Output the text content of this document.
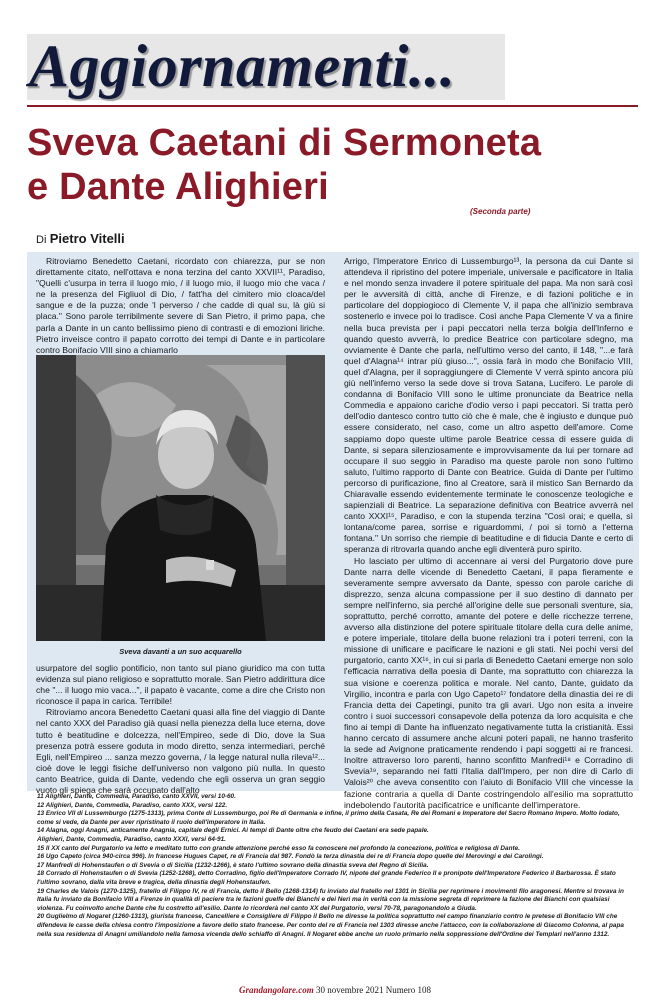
Aggiornamenti...
Sveva Caetani di Sermoneta
e Dante Alighieri
(Seconda parte)
Di Pietro Vitelli

Ritroviamo Benedetto Caetani, ricordato con chiarezza, pur se non direttamente citato, nell'ottava e nona terzina del canto XXVII¹¹, Paradiso, "Quelli c'usurpa in terra il luogo mio, / il luogo mio, il luogo mio che vaca / ne la presenza del Figliuol di Dio, / fatt'ha del cimitero mio cloaca/del sangue e de la puzza; onde 'l perverso / che cadde di qual su, là giù si placa." Sono parole terribilmente severe di San Pietro, il primo papa, che parla a Dante in un canto bellissimo pieno di contrasti e di emozioni liriche. Pietro inveisce contro il papato corrotto dei tempi di Dante e in particolare contro Bonifacio VIII sino a chiamarlo

Sveva davanti a un suo acquarello

usurpatore del soglio pontificio, non tanto sul piano giuridico ma con tutta evidenza sul piano religioso e soprattutto morale. San Pietro addirittura dice che "... il luogo mio vaca...", il papato è vacante, come a dire che Cristo non riconosce il papa in carica. Terribile!

Ritroviamo ancora Benedetto Caetani quasi alla fine del viaggio di Dante nel canto XXX del Paradiso già quasi nella pienezza della luce eterna, dove tutto è beatitudine e dolcezza, nell'Empireo, sede di Dio, dove la Sua presenza potrà essere goduta in modo diretto, senza intermediari, perché Egli, nell'Empireo ... sanza mezzo governa, / la legge natural nulla rileva¹²... cioè dove le leggi fisiche dell'universo non valgono più nulla. In questo canto Beatrice, guida di Dante, vedendo che egli osserva un gran seggio vuoto gli spiega che sarà occupato dall'alto

Arrigo, l'Imperatore Enrico di Lussemburgo¹³, la persona da cui Dante si attendeva il ripristino del potere imperiale, universale e pacificatore in Italia e nel mondo senza invadere il potere spirituale del papa. Ma non sarà così per le avversità di città, anche di Firenze, e di fazioni politiche e in particolare del doppiogioco di Clemente V, il papa che all'inizio sembrava sostenerlo e invece poi lo tradisce. Così anche Papa Clemente V va a finire nella buca prevista per i papi peccatori nella terza bolgia dell'Inferno e quando questo avverrà, lo predice Beatrice con particolare sdegno, ma ovviamente è Dante che parla, nell'ultimo verso del canto, il 148, "...e farà quel d'Alagna¹⁴ intrar più giuso...", ossia farà in modo che Bonifacio VIII, quel d'Alagna, per il sopraggiungere di Clemente V verrà spinto ancora più giù nell'inferno verso la sede dove si trova Satana, Lucifero. Le parole di condanna di Bonifacio VIII sono le ultime pronunciate da Beatrice nella Commedia e appaiono cariche d'odio verso i papi peccatori. Si tratta però dell'odio dantesco contro tutto ciò che è male, che è ingiusto e dunque può essere considerato, nel caso, come un altro aspetto dell'amore. Come sappiamo dopo queste ultime parole Beatrice cessa di essere guida di Dante, si separa silenziosamente e improvvisamente da lui per tornare ad occupare il suo seggio in Paradiso ma queste parole non sono l'ultimo saluto, l'ultimo rapporto di Dante con Beatrice. Guida di Dante per l'ultimo percorso di purificazione, fino al Creatore, sarà il mistico San Bernardo da Chiaravalle essendo evidentemente terminate le conoscenze teologiche e sapienziali di Beatrice. La separazione definitiva con Beatrice avverrà nel canto XXXI¹⁵, Paradiso, e con la stupenda terzina "Così orai; e quella, sì lontana/come parea, sorrise e riguardommi, / poi si tornò a l'etterna fontana." Un sorriso che riempie di beatitudine e di fiducia Dante e certo di speranza di ritrovarla quando anche egli diventerà puro spirito.

Ho lasciato per ultimo di accennare ai versi del Purgatorio dove pure Dante narra delle vicende di Benedetto Caetani, il papa fieramente e severamente sempre avversato da Dante, spesso con parole cariche di disprezzo, senza alcuna compassione per il suo destino di dannato per sempre nell'inferno, sia perché all'origine delle sue personali sventure, sia, soprattutto, perché corrotto, amante del potere e delle ricchezze terrene, avverso alla distinzione del potere spirituale titolare della cura delle anime, e potere imperiale, titolare della buone relazioni tra i poteri terreni, con la missione di unificare e pacificare le nazioni e gli stati. Nei pochi versi del purgatorio, canto XX¹⁶, in cui si parla di Benedetto Caetani emerge non solo l'efficacia narrativa della poesia di Dante, ma soprattutto con chiarezza la sua visione e coerenza politica e morale. Nel canto, Dante, guidato da Virgilio, incontra e parla con Ugo Capeto¹⁷ fondatore della dinastia dei re di Francia detta dei Capetingi, punito tra gli avari. Ugo non esita a inveire contro i suoi successori consapevole della potenza da loro acquisita e che fino ai tempi di Dante ha influenzato negativamente tutta la cristianità. Essi hanno cercato di assumere anche alcuni poteri papali, ne hanno trasferito la sede ad Avignone praticamente rendendo i papi soggetti ai re francesi. Inoltre attraverso loro parenti, hanno sconfitto Manfredi¹⁸ e Corradino di Svevia¹⁹, separando nei fatti l'Italia dall'Impero, per non dire di Carlo di Valois²⁰ che aveva consentito con l'aiuto di Bonifacio VIII che vincesse la fazione contraria a quella di Dante costringendolo all'esilio ma soprattutto indebolendo l'autorità pacificatrice e unificante dell'imperatore.

11 Alighieri, Dante, Commedia, Paradiso, canto XXVII, versi 10-60.
12 Alighieri, Dante, Commedia, Paradiso, canto XXX, versi 122.
13 Enrico VII di Lussemburgo (1275-1313), prima Conte di Lussemburgo, poi Re di Germania e infine, il primo della Casata, Re dei Romani e Imperatore del Sacro Romano Impero. Molto lodato, come si vede, da Dante per aver ripristinato il ruolo dell'imperatore in Italia.
14 Alagna, oggi Anagni, anticamente Anagnia, capitale degli Ernici. Ai tempi di Dante oltre che feudo dei Caetani era sede papale.
Alighieri, Dante, Commedia, Paradiso, canto XXXI, versi 64-91.
15 Il XX canto del Purgatorio va letto e meditato tutto con grande attenzione perché esso fa conoscere nel profondo la concezione, politica e religiosa di Dante.
16 Ugo Capeto (circa 940-circa 996). In francese Hugues Capet, re di Francia dal 987. Fondò la terza dinastia dei re di Francia dopo quelle dei Merovingi e dei Carolingi.
17 Manfredi di Hohenstaufen o di Svevia o di Sicilia (1232-1266), è stato l'ultimo sovrano della dinastia sveva del Regno di Sicilia.
18 Corrado di Hohenstaufen o di Svevia (1252-1268), detto Corradino, figlio dell'Imperatore Corrado IV, nipote del grande Federico II e pronipote dell'Imperatore Federico il Barbarossa. È stato l'ultimo sovrano, dalla vita breve e tragica, della dinastia degli Hohenstaufen.
19 Charles de Valois (1270-1325), fratello di Filippo IV, re di Francia, detto il Bello (1268-1314) fu inviato dal fratello nel 1301 in Sicilia per reprimere i movimenti filo aragonesi. Mentre si trovava in Italia fu inviato da Bonifacio VIII a Firenze in qualità di paciere tra le fazioni guelfe dei Bianchi e dei Neri ma in verità con la missione segreta di reprimere la fazione dei Bianchi con qualsiasi violenza. Fu coinvolto anche Dante che fu costretto all'esilio. Dante lo ricorderà nel canto XX del Purgatorio, versi 70-78, paragonandolo a Giuda.
20 Guglielmo di Nogaret (1260-1313), giurista francese, Cancelliere e Consigliere di Filippo il Bello ne diresse la politica soprattutto nel campo finanziario contro le pretese di Bonifacio VIII che difendeva le casse della chiesa contro l'imposizione a favore dello stato francese. Per conto del re di Francia nel 1303 diresse anche l'attacco, con la collaborazione di Giacomo Colonna, al papa nella sua residenza di Anagni umiliandolo nella famosa vicenda dello schiaffo di Anagni. Il Nogaret ebbe anche un ruolo primario nella soppressione dell'Ordine dei Templari nell'anno 1312.
Grandangolare.com 30 novembre 2021 Numero 108
